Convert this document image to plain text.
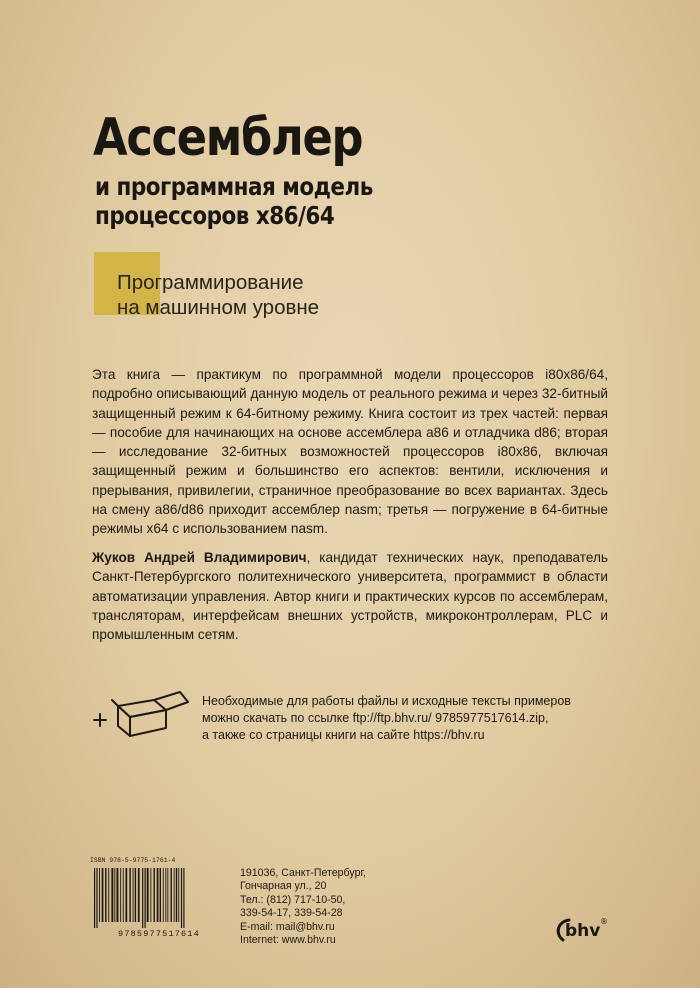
Ассемблер
и программная модель
процессоров x86/64
Программирование
на машинном уровне

Эта книга — практикум по программной модели процессоров i80x86/64, подробно описывающий данную модель от реального режима и через 32-битный защищенный режим к 64-битному режиму. Книга состоит из трех частей: первая — пособие для начинающих на основе ассемблера a86 и отладчика d86; вторая — исследование 32-битных возможностей процессоров i80x86, включая защищенный режим и большинство его аспектов: вентили, исключения и прерывания, привилегии, страничное преобразование во всех вариантах. Здесь на смену a86/d86 приходит ассемблер nasm; третья — погружение в 64-битные режимы x64 с использованием nasm.

Жуков Андрей Владимирович, кандидат технических наук, преподаватель Санкт-Петербургского политехнического университета, программист в области автоматизации управления. Автор книги и практических курсов по ассемблерам, трансляторам, интерфейсам внешних устройств, микроконтроллерам, PLC и промышленным сетям.

Необходимые для работы файлы и исходные тексты примеров
можно скачать по ссылке ftp://ftp.bhv.ru/ 9785977517614.zip,
а также со страницы книги на сайте https://bhv.ru
ISBN 978-5-9775-1761-4
9785977517614
191036, Санкт-Петербург,
Гончарная ул., 20
Тел.: (812) 717-10-50,
339-54-17, 339-54-28
E-mail: mail@bhv.ru
Internet: www.bhv.ru	bhv ®
